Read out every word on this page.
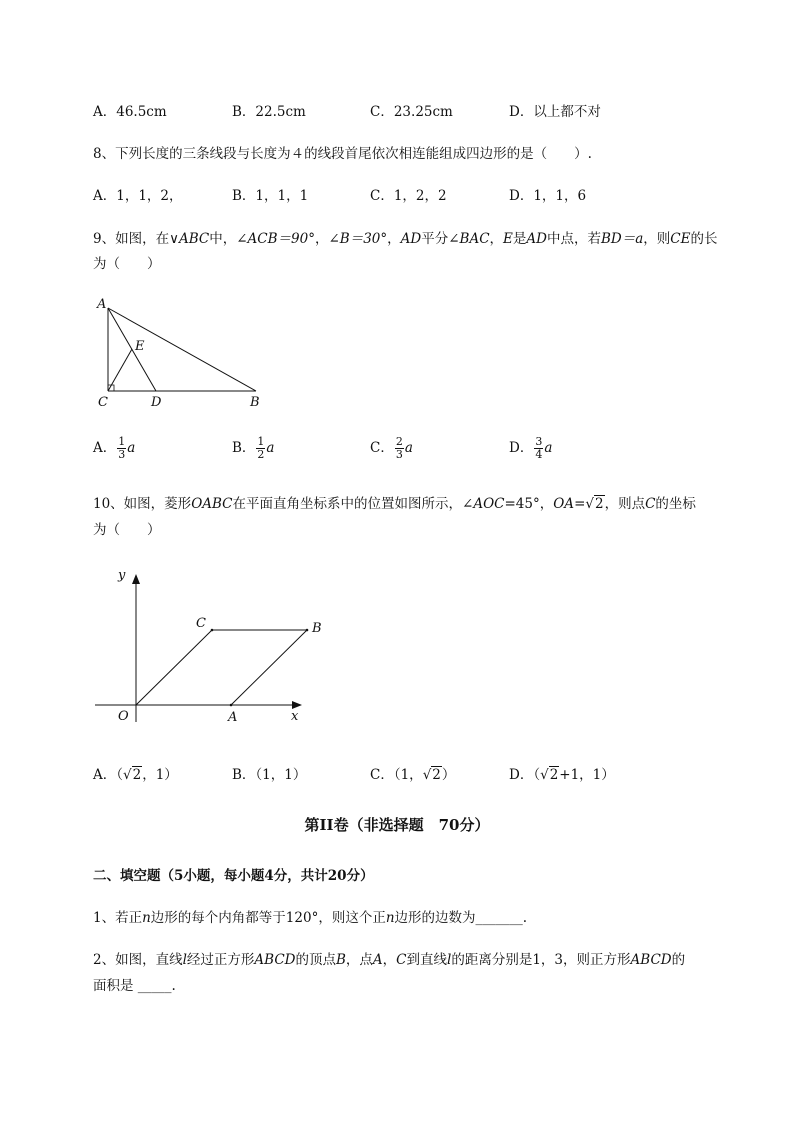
A．46.5cm	B．22.5cm	C．23.25cm	D．以上都不对
8、下列长度的三条线段与长度为４的线段首尾依次相连能组成四边形的是（　　）.
A．1，1，2，	B．1，1，1	C．1，2，2	D．1，1，6
9、如图，在∨ABC中，∠ACB＝90°，∠B＝30°，AD平分∠BAC，E是AD中点，若BD＝a，则CE的长
为（　　）
A
E
C	D	B
A． $\frac{1}{3}$ a	B． $\frac{1}{2}$ a	C． $\frac{2}{3}$ a	D． $\frac{3}{4}$ a
10、如图，菱形OABC在平面直角坐标系中的位置如图所示，∠AOC=45°，OA=√2，则点C的坐标
为（　　）
y
x
O	A
B
C
A．（√2，1）	B．（1，1）	C．（1，√2）	D．（√2+1，1）
第II卷（非选择题　70分）
二、填空题（5小题，每小题4分，共计20分）
1、若正n边形的每个内角都等于120°，则这个正n边形的边数为_______.
2、如图，直线l经过正方形ABCD的顶点B，点A，C到直线l的距离分别是1，3，则正方形ABCD的
面积是 _____.
